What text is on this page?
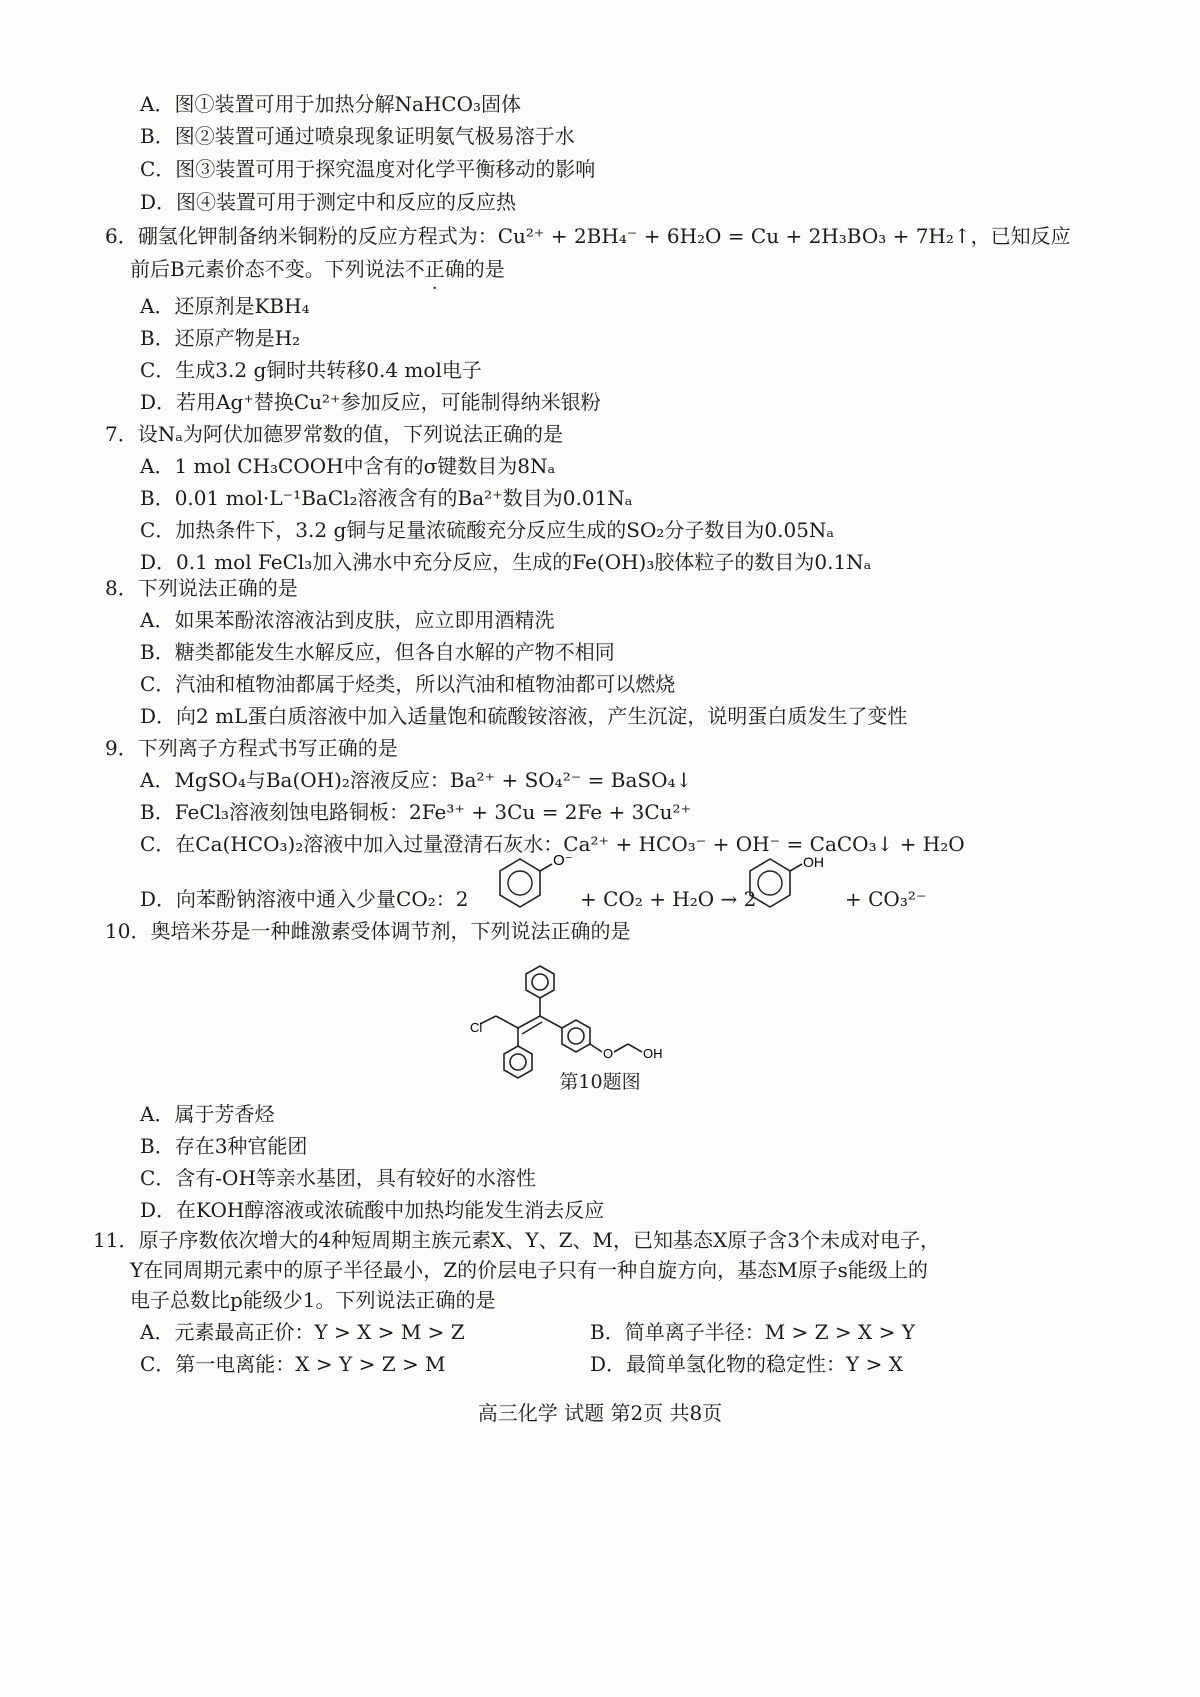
A．图①装置可用于加热分解NaHCO₃固体
B．图②装置可通过喷泉现象证明氨气极易溶于水
C．图③装置可用于探究温度对化学平衡移动的影响
D．图④装置可用于测定中和反应的反应热
6．硼氢化钾制备纳米铜粉的反应方程式为：Cu²⁺ + 2BH₄⁻ + 6H₂O = Cu + 2H₃BO₃ + 7H₂↑，已知反应
前后B元素价态不变。下列说法不正确的是
A．还原剂是KBH₄
B．还原产物是H₂
C．生成3.2 g铜时共转移0.4 mol电子
D．若用Ag⁺替换Cu²⁺参加反应，可能制得纳米银粉
7．设Nₐ为阿伏加德罗常数的值，下列说法正确的是
A．1 mol CH₃COOH中含有的σ键数目为8Nₐ
B．0.01 mol·L⁻¹BaCl₂溶液含有的Ba²⁺数目为0.01Nₐ
C．加热条件下，3.2 g铜与足量浓硫酸充分反应生成的SO₂分子数目为0.05Nₐ
D．0.1 mol FeCl₃加入沸水中充分反应，生成的Fe(OH)₃胶体粒子的数目为0.1Nₐ
8．下列说法正确的是
A．如果苯酚浓溶液沾到皮肤，应立即用酒精洗
B．糖类都能发生水解反应，但各自水解的产物不相同
C．汽油和植物油都属于烃类，所以汽油和植物油都可以燃烧
D．向2 mL蛋白质溶液中加入适量饱和硫酸铵溶液，产生沉淀，说明蛋白质发生了变性
9．下列离子方程式书写正确的是
A．MgSO₄与Ba(OH)₂溶液反应：Ba²⁺ + SO₄²⁻ = BaSO₄↓
B．FeCl₃溶液刻蚀电路铜板：2Fe³⁺ + 3Cu = 2Fe + 3Cu²⁺
C．在Ca(HCO₃)₂溶液中加入过量澄清石灰水：Ca²⁺ + HCO₃⁻ + OH⁻ = CaCO₃↓ + H₂O
D．向苯酚钠溶液中通入少量CO₂：2
O⁻
+ CO₂ + H₂O → 2
OH
+ CO₃²⁻
10．奥培米芬是一种雌激素受体调节剂，下列说法正确的是
Cl
O OH
第10题图
A．属于芳香烃
B．存在3种官能团
C．含有-OH等亲水基团，具有较好的水溶性
D．在KOH醇溶液或浓硫酸中加热均能发生消去反应
11．原子序数依次增大的4种短周期主族元素X、Y、Z、M，已知基态X原子含3个未成对电子，
Y在同周期元素中的原子半径最小，Z的价层电子只有一种自旋方向，基态M原子s能级上的
电子总数比p能级少1。下列说法正确的是
A．元素最高正价：Y > X > M > Z	B．简单离子半径：M > Z > X > Y
C．第一电离能：X > Y > Z > M	D．最简单氢化物的稳定性：Y > X
高三化学 试题 第2页 共8页
